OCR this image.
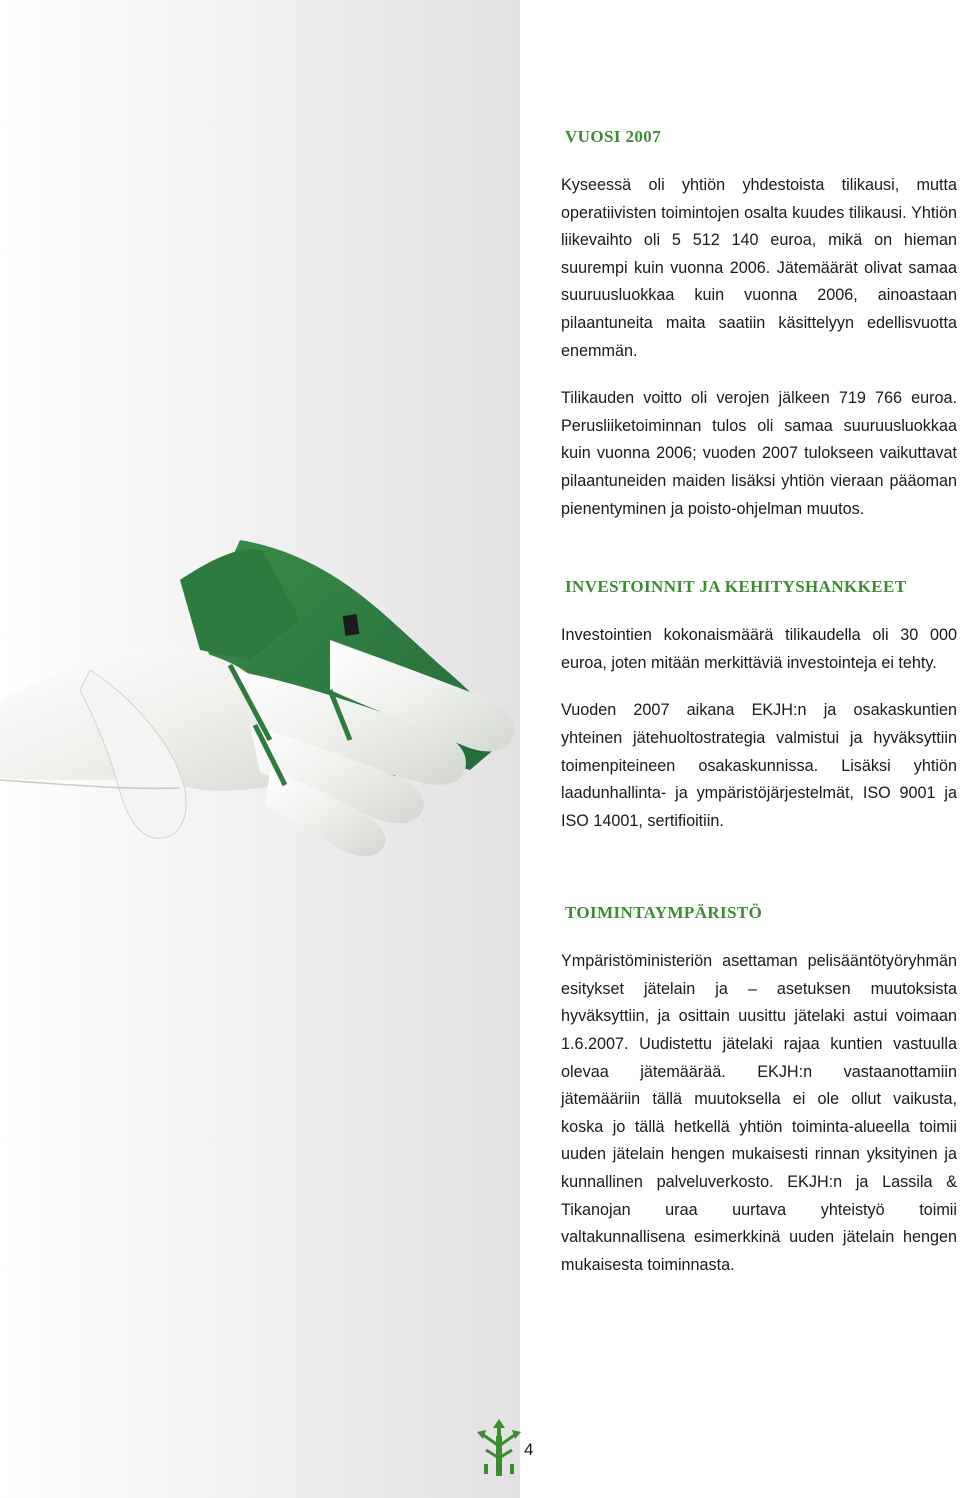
VUOSI 2007

Kyseessä oli yhtiön yhdestoista tilikausi, mutta operatiivisten toimintojen osalta kuudes tilikausi. Yhtiön liikevaihto oli 5 512 140 euroa, mikä on hieman suurempi kuin vuonna 2006. Jätemäärät olivat samaa suuruusluokkaa kuin vuonna 2006, ainoastaan pilaantuneita maita saatiin käsittelyyn edellisvuotta enemmän.

Tilikauden voitto oli verojen jälkeen 719 766 euroa. Perusliiketoiminnan tulos oli samaa suuruusluokkaa kuin vuonna 2006; vuoden 2007 tulokseen vaikuttavat pilaantuneiden maiden lisäksi yhtiön vieraan pääoman pienentyminen ja poisto-ohjelman muutos.

INVESTOINNIT JA KEHITYSHANKKEET

Investointien kokonaismäärä tilikaudella oli 30 000 euroa, joten mitään merkittäviä investointeja ei tehty.

Vuoden 2007 aikana EKJH:n ja osakaskuntien yhteinen jätehuoltostrategia valmistui ja hyväksyttiin toimenpiteineen osakaskunnissa. Lisäksi yhtiön laadunhallinta- ja ympäristöjärjestelmät, ISO 9001 ja ISO 14001, sertifioitiin.

TOIMINTAYMPÄRISTÖ

Ympäristöministeriön asettaman pelisääntötyöryhmän esitykset jätelain ja – asetuksen muutoksista hyväksyttiin, ja osittain uusittu jätelaki astui voimaan 1.6.2007. Uudistettu jätelaki rajaa kuntien vastuulla olevaa jätemäärää. EKJH:n vastaanottamiin jätemääriin tällä muutoksella ei ole ollut vaikusta, koska jo tällä hetkellä yhtiön toiminta-alueella toimii uuden jätelain hengen mukaisesti rinnan yksityinen ja kunnallinen palveluverkosto. EKJH:n ja Lassila & Tikanojan uraa uurtava yhteistyö toimii valtakunnallisena esimerkkinä uuden jätelain hengen mukaisesta toiminnasta.

4
